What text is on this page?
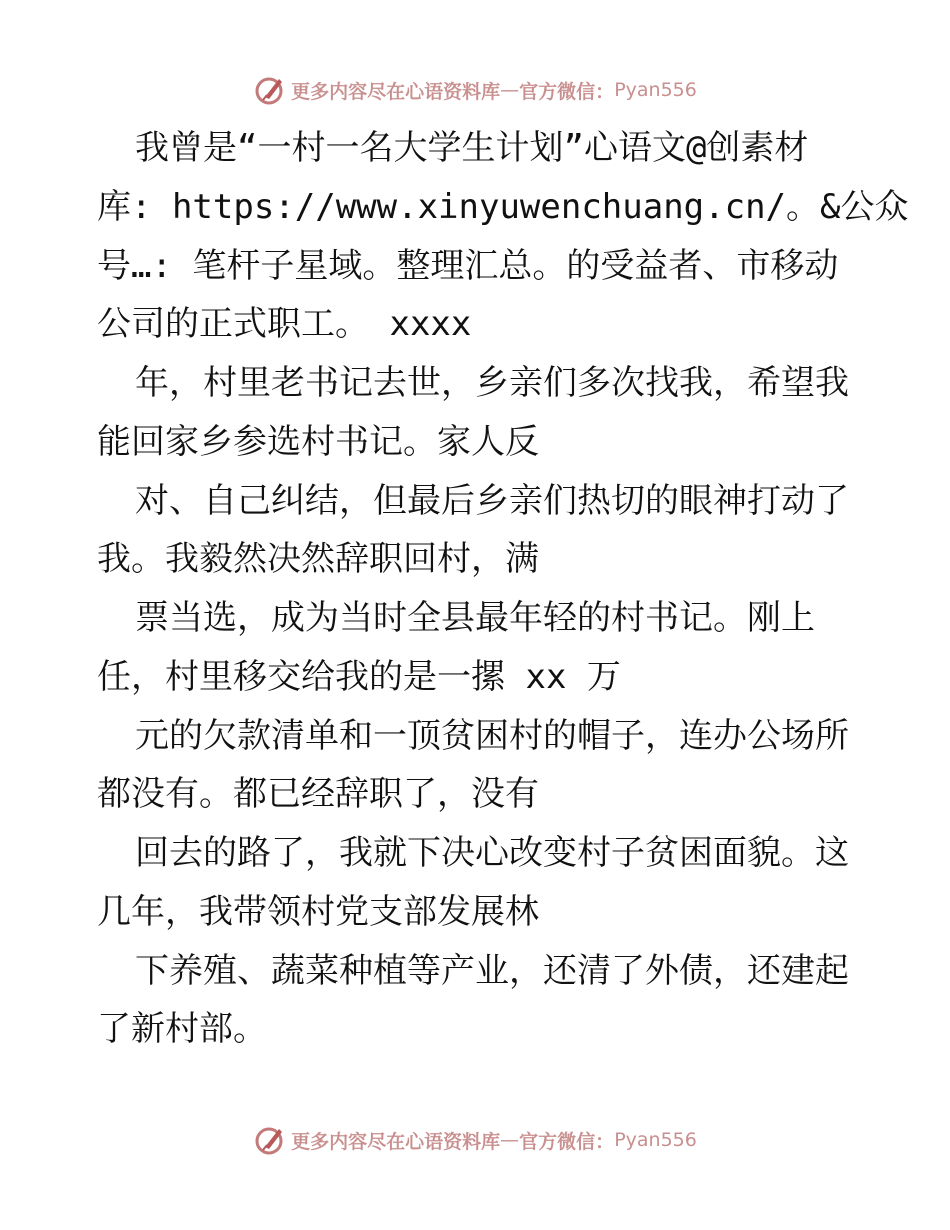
更多内容尽在心语资料库 — 官方微信： Pyan556
我曾是“一村一名大学生计划”心语文@创素材
库: https://www.xinyuwenchuang.cn/。&公众
号…: 笔杆子星域。整理汇总。的受益者、市移动
公司的正式职工。 xxxx
年，村里老书记去世，乡亲们多次找我，希望我
能回家乡参选村书记。家人反
对、自己纠结，但最后乡亲们热切的眼神打动了
我。我毅然决然辞职回村，满
票当选，成为当时全县最年轻的村书记。刚上
任，村里移交给我的是一摞 xx 万
元的欠款清单和一顶贫困村的帽子，连办公场所
都没有。都已经辞职了，没有
回去的路了，我就下决心改变村子贫困面貌。这
几年，我带领村党支部发展林
下养殖、蔬菜种植等产业，还清了外债，还建起
了新村部。
更多内容尽在心语资料库 — 官方微信： Pyan556
